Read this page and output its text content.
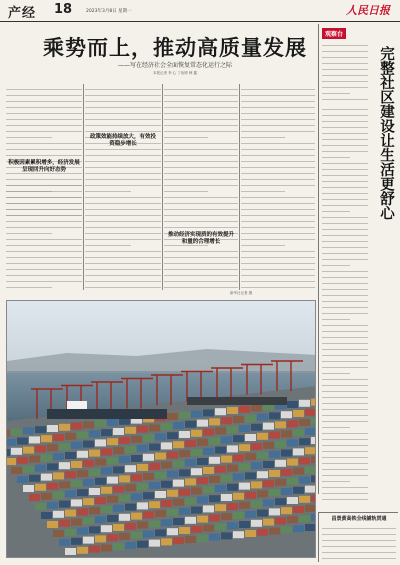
产经 18	2023年3月8日 星期一	人民日报
乘势而上，推动高质量发展
——写在经济社会全面恢复常态化运行之际
本报记者 李 心 丁怡婷 韩 鑫
积极因素累积增多，经济发展呈现回升向好态势
政策效能持续放大，有效投资稳步增长
推动经济实现质的有效提升和量的合理增长
新华社记者 摄
观察台
完整社区建设让生活更舒心
昌景黄高铁全线铺轨贯通
